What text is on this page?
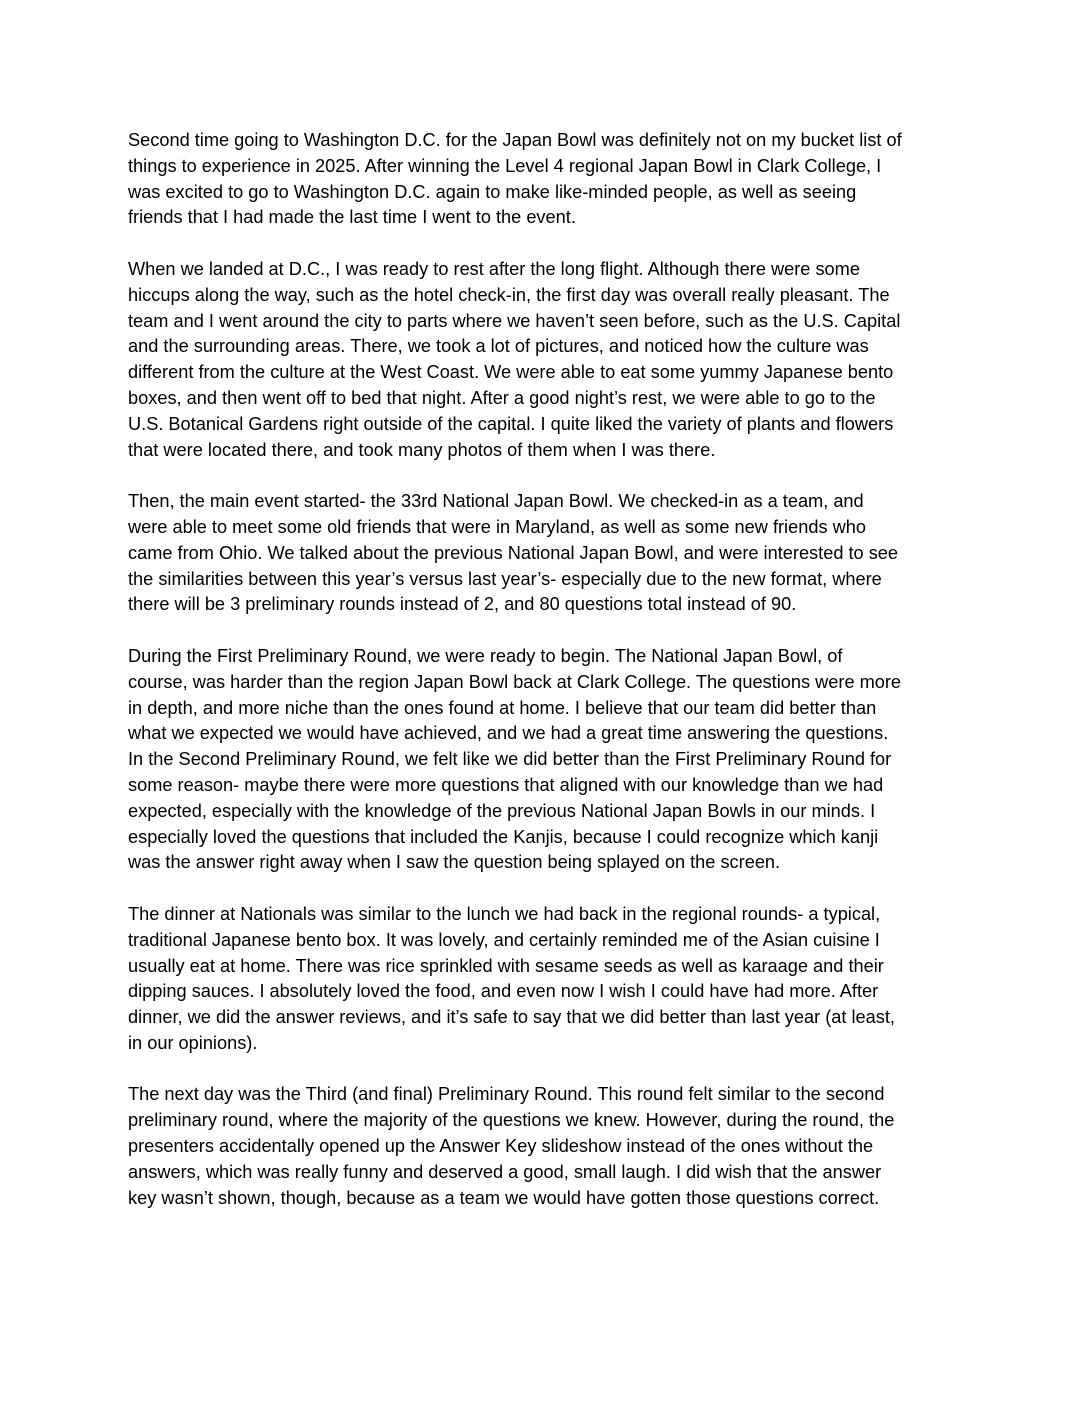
Second time going to Washington D.C. for the Japan Bowl was definitely not on my bucket list of
things to experience in 2025. After winning the Level 4 regional Japan Bowl in Clark College, I
was excited to go to Washington D.C. again to make like-minded people, as well as seeing
friends that I had made the last time I went to the event.

When we landed at D.C., I was ready to rest after the long flight. Although there were some
hiccups along the way, such as the hotel check-in, the first day was overall really pleasant. The
team and I went around the city to parts where we haven’t seen before, such as the U.S. Capital
and the surrounding areas. There, we took a lot of pictures, and noticed how the culture was
different from the culture at the West Coast. We were able to eat some yummy Japanese bento
boxes, and then went off to bed that night. After a good night’s rest, we were able to go to the
U.S. Botanical Gardens right outside of the capital. I quite liked the variety of plants and flowers
that were located there, and took many photos of them when I was there.

Then, the main event started- the 33rd National Japan Bowl. We checked-in as a team, and
were able to meet some old friends that were in Maryland, as well as some new friends who
came from Ohio. We talked about the previous National Japan Bowl, and were interested to see
the similarities between this year’s versus last year’s- especially due to the new format, where
there will be 3 preliminary rounds instead of 2, and 80 questions total instead of 90.

During the First Preliminary Round, we were ready to begin. The National Japan Bowl, of
course, was harder than the region Japan Bowl back at Clark College. The questions were more
in depth, and more niche than the ones found at home. I believe that our team did better than
what we expected we would have achieved, and we had a great time answering the questions.
In the Second Preliminary Round, we felt like we did better than the First Preliminary Round for
some reason- maybe there were more questions that aligned with our knowledge than we had
expected, especially with the knowledge of the previous National Japan Bowls in our minds. I
especially loved the questions that included the Kanjis, because I could recognize which kanji
was the answer right away when I saw the question being splayed on the screen.

The dinner at Nationals was similar to the lunch we had back in the regional rounds- a typical,
traditional Japanese bento box. It was lovely, and certainly reminded me of the Asian cuisine I
usually eat at home. There was rice sprinkled with sesame seeds as well as karaage and their
dipping sauces. I absolutely loved the food, and even now I wish I could have had more. After
dinner, we did the answer reviews, and it’s safe to say that we did better than last year (at least,
in our opinions).

The next day was the Third (and final) Preliminary Round. This round felt similar to the second
preliminary round, where the majority of the questions we knew. However, during the round, the
presenters accidentally opened up the Answer Key slideshow instead of the ones without the
answers, which was really funny and deserved a good, small laugh. I did wish that the answer
key wasn’t shown, though, because as a team we would have gotten those questions correct.
